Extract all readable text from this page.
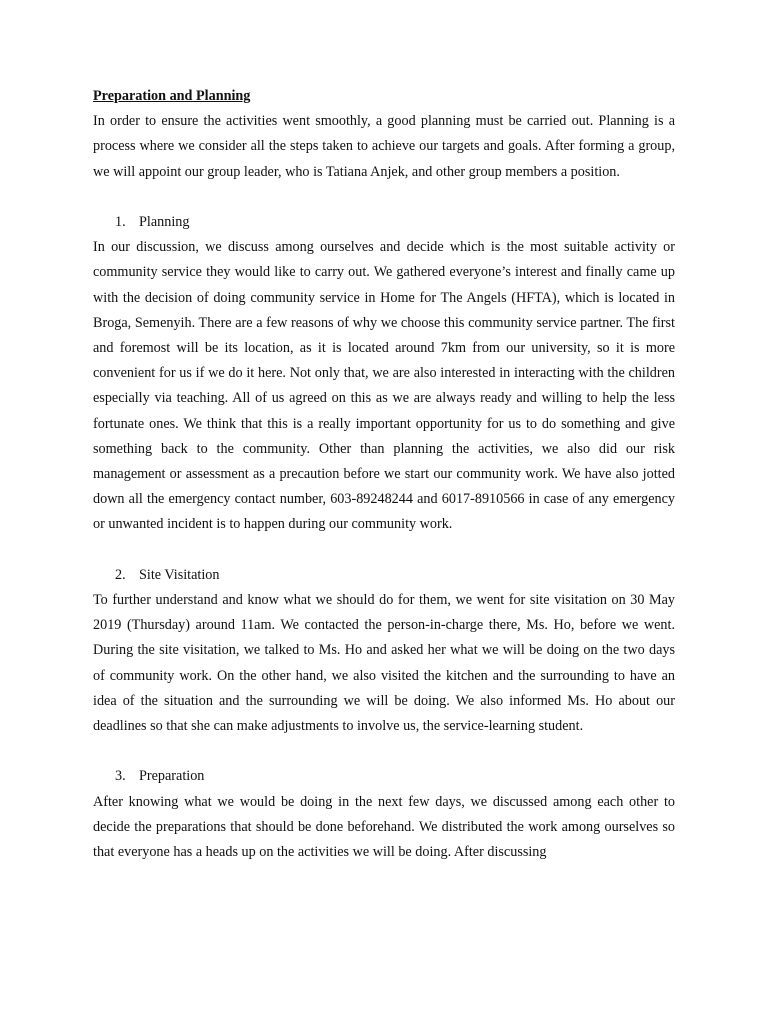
Preparation and Planning

In order to ensure the activities went smoothly, a good planning must be carried out. Planning is a process where we consider all the steps taken to achieve our targets and goals. After forming a group, we will appoint our group leader, who is Tatiana Anjek, and other group members a position.

1. Planning

In our discussion, we discuss among ourselves and decide which is the most suitable activity or community service they would like to carry out. We gathered everyone’s interest and finally came up with the decision of doing community service in Home for The Angels (HFTA), which is located in Broga, Semenyih. There are a few reasons of why we choose this community service partner. The first and foremost will be its location, as it is located around 7km from our university, so it is more convenient for us if we do it here. Not only that, we are also interested in interacting with the children especially via teaching. All of us agreed on this as we are always ready and willing to help the less fortunate ones. We think that this is a really important opportunity for us to do something and give something back to the community. Other than planning the activities, we also did our risk management or assessment as a precaution before we start our community work. We have also jotted down all the emergency contact number, 603-89248244 and 6017-8910566 in case of any emergency or unwanted incident is to happen during our community work.

2. Site Visitation

To further understand and know what we should do for them, we went for site visitation on 30 May 2019 (Thursday) around 11am. We contacted the person-in-charge there, Ms. Ho, before we went. During the site visitation, we talked to Ms. Ho and asked her what we will be doing on the two days of community work. On the other hand, we also visited the kitchen and the surrounding to have an idea of the situation and the surrounding we will be doing. We also informed Ms. Ho about our deadlines so that she can make adjustments to involve us, the service-learning student.

3. Preparation

After knowing what we would be doing in the next few days, we discussed among each other to decide the preparations that should be done beforehand. We distributed the work among ourselves so that everyone has a heads up on the activities we will be doing. After discussing
